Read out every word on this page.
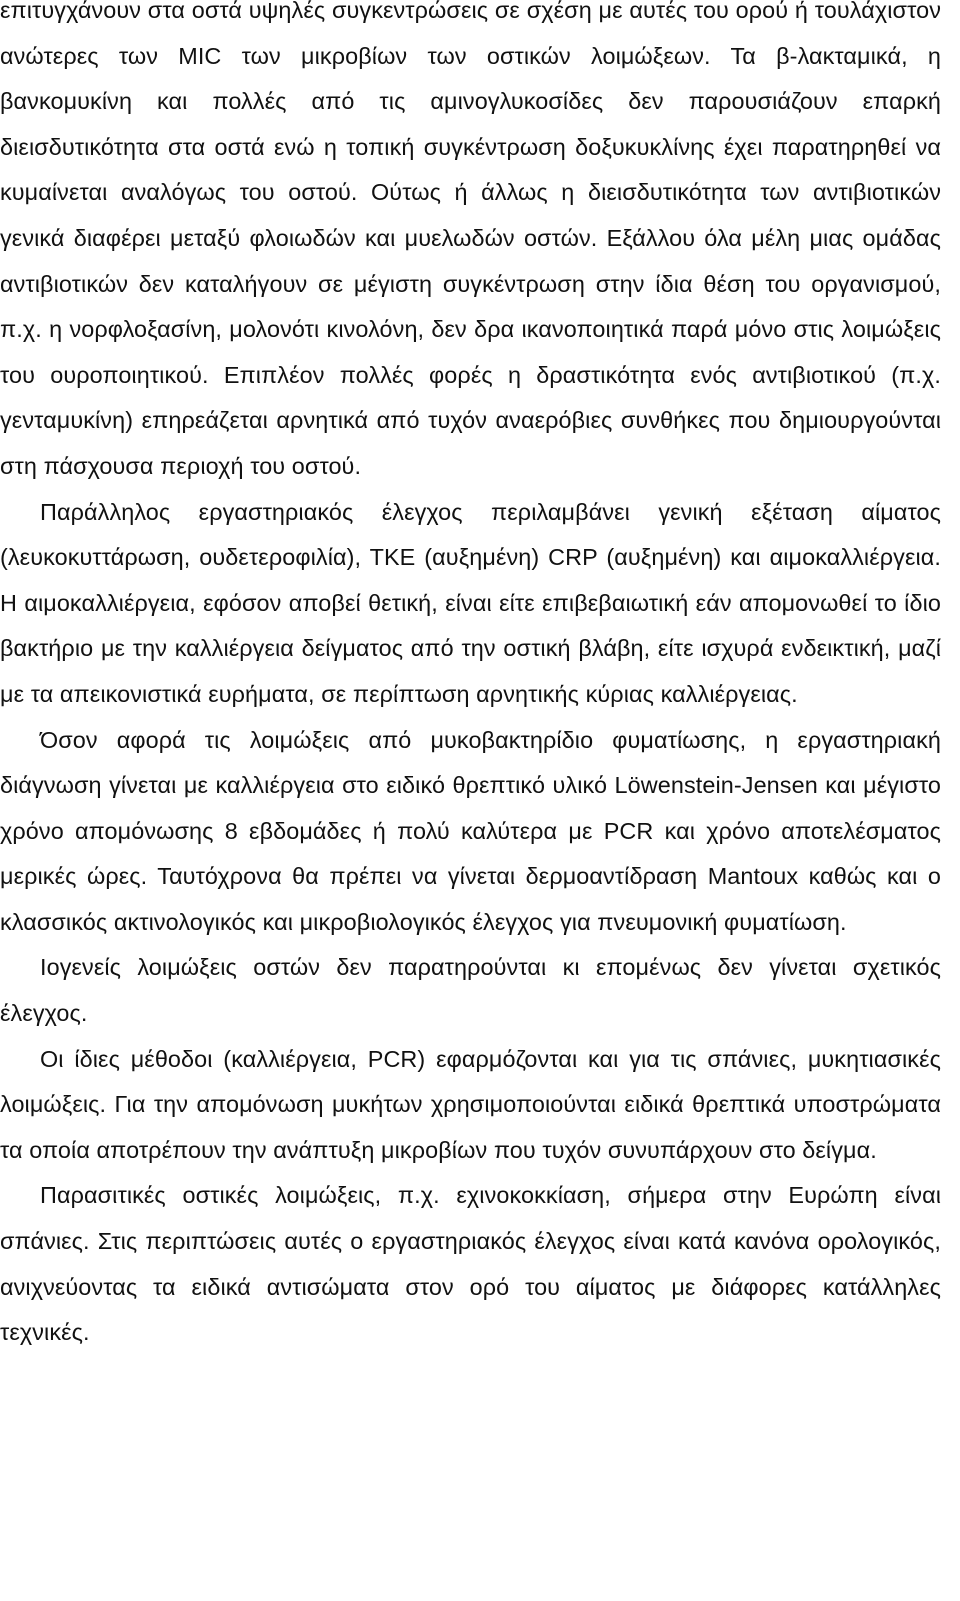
επιτυγχάνουν στα οστά υψηλές συγκεντρώσεις σε σχέση με αυτές του ορού ή τουλάχιστον ανώτερες των MIC των μικροβίων των οστικών λοιμώξεων. Τα β-λακταμικά, η βανκομυκίνη και πολλές από τις αμινογλυκοσίδες δεν παρουσιάζουν επαρκή διεισδυτικότητα στα οστά ενώ η τοπική συγκέντρωση δοξυκυκλίνης έχει παρατηρηθεί να κυμαίνεται αναλόγως του οστού. Ούτως ή άλλως η διεισδυτικότητα των αντιβιοτικών γενικά διαφέρει μεταξύ φλοιωδών και μυελωδών οστών. Εξάλλου όλα μέλη μιας ομάδας αντιβιοτικών δεν καταλήγουν σε μέγιστη συγκέντρωση στην ίδια θέση του οργανισμού, π.χ. η νορφλοξασίνη, μολονότι κινολόνη, δεν δρα ικανοποιητικά παρά μόνο στις λοιμώξεις του ουροποιητικού. Επιπλέον πολλές φορές η δραστικότητα ενός αντιβιοτικού (π.χ. γενταμυκίνη) επηρεάζεται αρνητικά από τυχόν αναερόβιες συνθήκες που δημιουργούνται στη πάσχουσα περιοχή του οστού.

Παράλληλος εργαστηριακός έλεγχος περιλαμβάνει γενική εξέταση αίματος (λευκοκυττάρωση, ουδετεροφιλία), ΤΚΕ (αυξημένη) CRP (αυξημένη) και αιμοκαλλιέργεια. Η αιμοκαλλιέργεια, εφόσον αποβεί θετική, είναι είτε επιβεβαιωτική εάν απομονωθεί το ίδιο βακτήριο με την καλλιέργεια δείγματος από την οστική βλάβη, είτε ισχυρά ενδεικτική, μαζί με τα απεικονιστικά ευρήματα, σε περίπτωση αρνητικής κύριας καλλιέργειας.

Όσον αφορά τις λοιμώξεις από μυκοβακτηρίδιο φυματίωσης, η εργαστηριακή διάγνωση γίνεται με καλλιέργεια στο ειδικό θρεπτικό υλικό Löwenstein-Jensen και μέγιστο χρόνο απομόνωσης 8 εβδομάδες ή πολύ καλύτερα με PCR και χρόνο αποτελέσματος μερικές ώρες. Ταυτόχρονα θα πρέπει να γίνεται δερμοαντίδραση Mantoux καθώς και ο κλασσικός ακτινολογικός και μικροβιολογικός έλεγχος για πνευμονική φυματίωση.

Ιογενείς λοιμώξεις οστών δεν παρατηρούνται κι επομένως δεν γίνεται σχετικός έλεγχος.

Οι ίδιες μέθοδοι (καλλιέργεια, PCR) εφαρμόζονται και για τις σπάνιες, μυκητιασικές λοιμώξεις. Για την απομόνωση μυκήτων χρησιμοποιούνται ειδικά θρεπτικά υποστρώματα τα οποία αποτρέπουν την ανάπτυξη μικροβίων που τυχόν συνυπάρχουν στο δείγμα.

Παρασιτικές οστικές λοιμώξεις, π.χ. εχινοκοκκίαση, σήμερα στην Ευρώπη είναι σπάνιες. Στις περιπτώσεις αυτές ο εργαστηριακός έλεγχος είναι κατά κανόνα ορολογικός, ανιχνεύοντας τα ειδικά αντισώματα στον ορό του αίματος με διάφορες κατάλληλες τεχνικές.
